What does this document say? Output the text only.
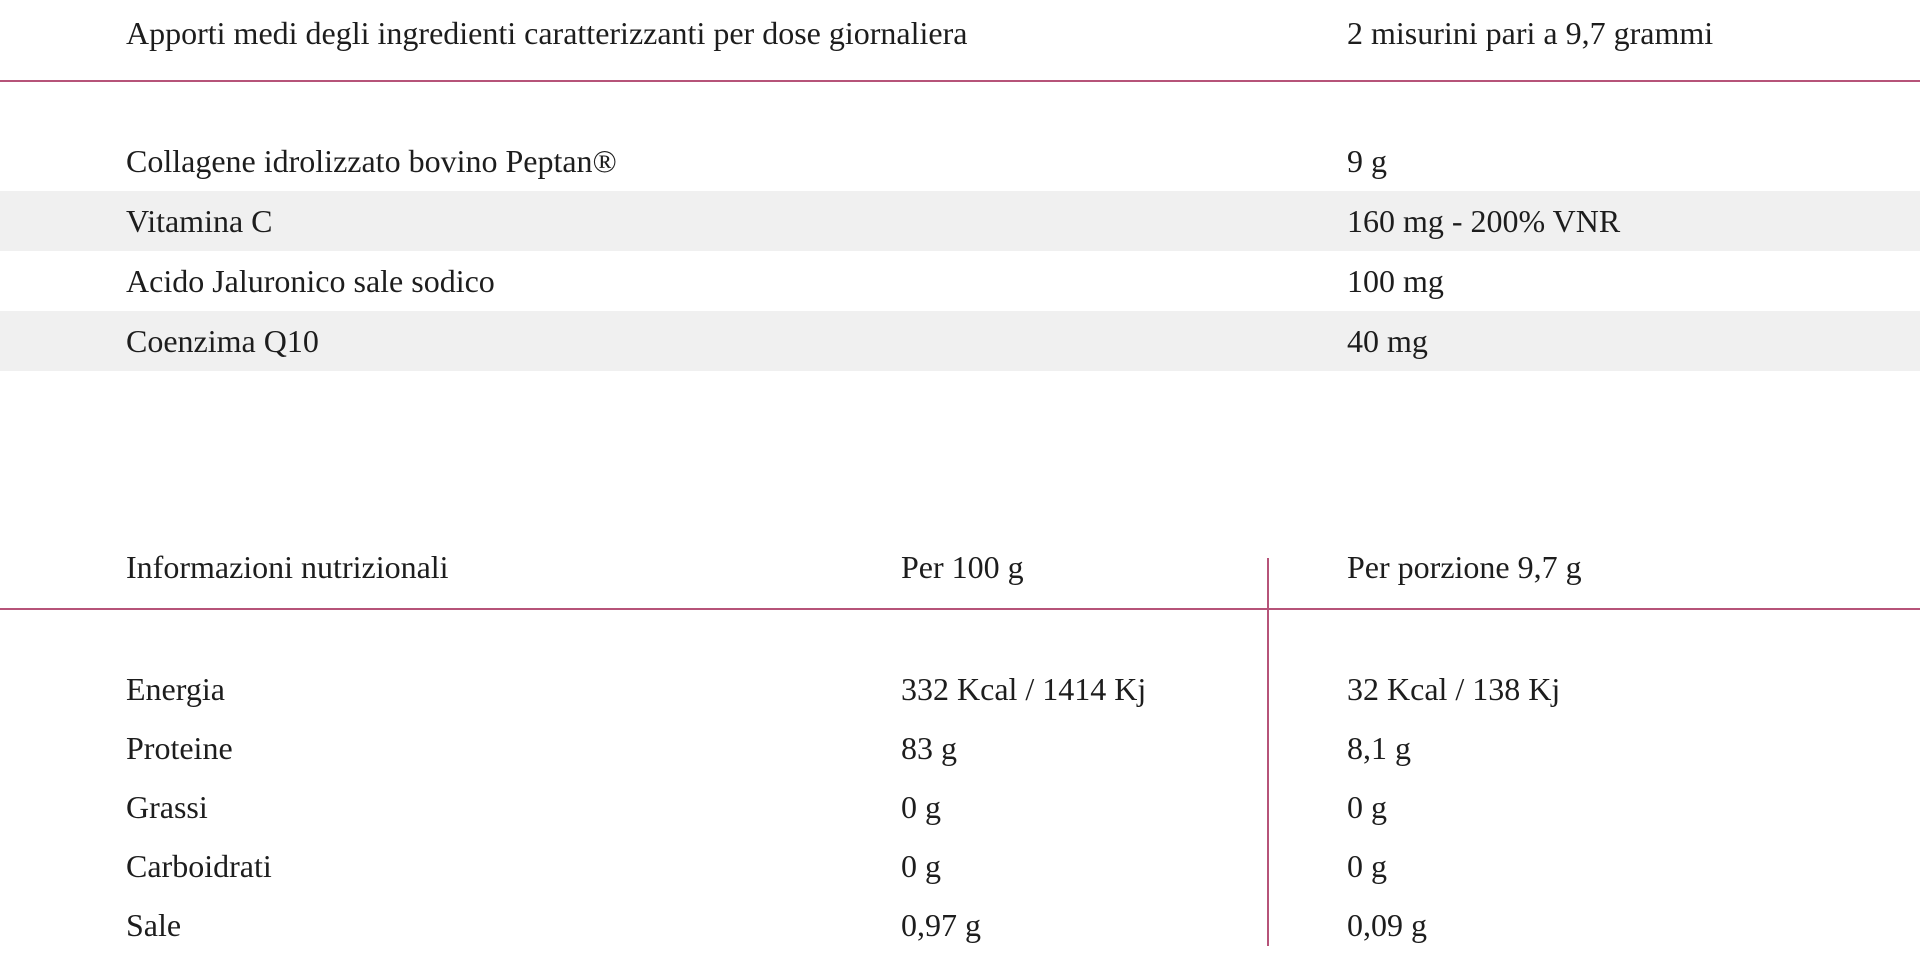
Apporti medi degli ingredienti caratterizzanti per dose giornaliera	2 misurini pari a 9,7 grammi
Collagene idrolizzato bovino Peptan®	9 g
Vitamina C	160 mg - 200% VNR
Acido Jaluronico sale sodico	100 mg
Coenzima Q10	40 mg
Informazioni nutrizionali	Per 100 g	Per porzione 9,7 g
Energia	332 Kcal / 1414 Kj	32 Kcal / 138 Kj
Proteine	83 g	8,1 g
Grassi	0 g	0 g
Carboidrati	0 g	0 g
Sale	0,97 g	0,09 g
